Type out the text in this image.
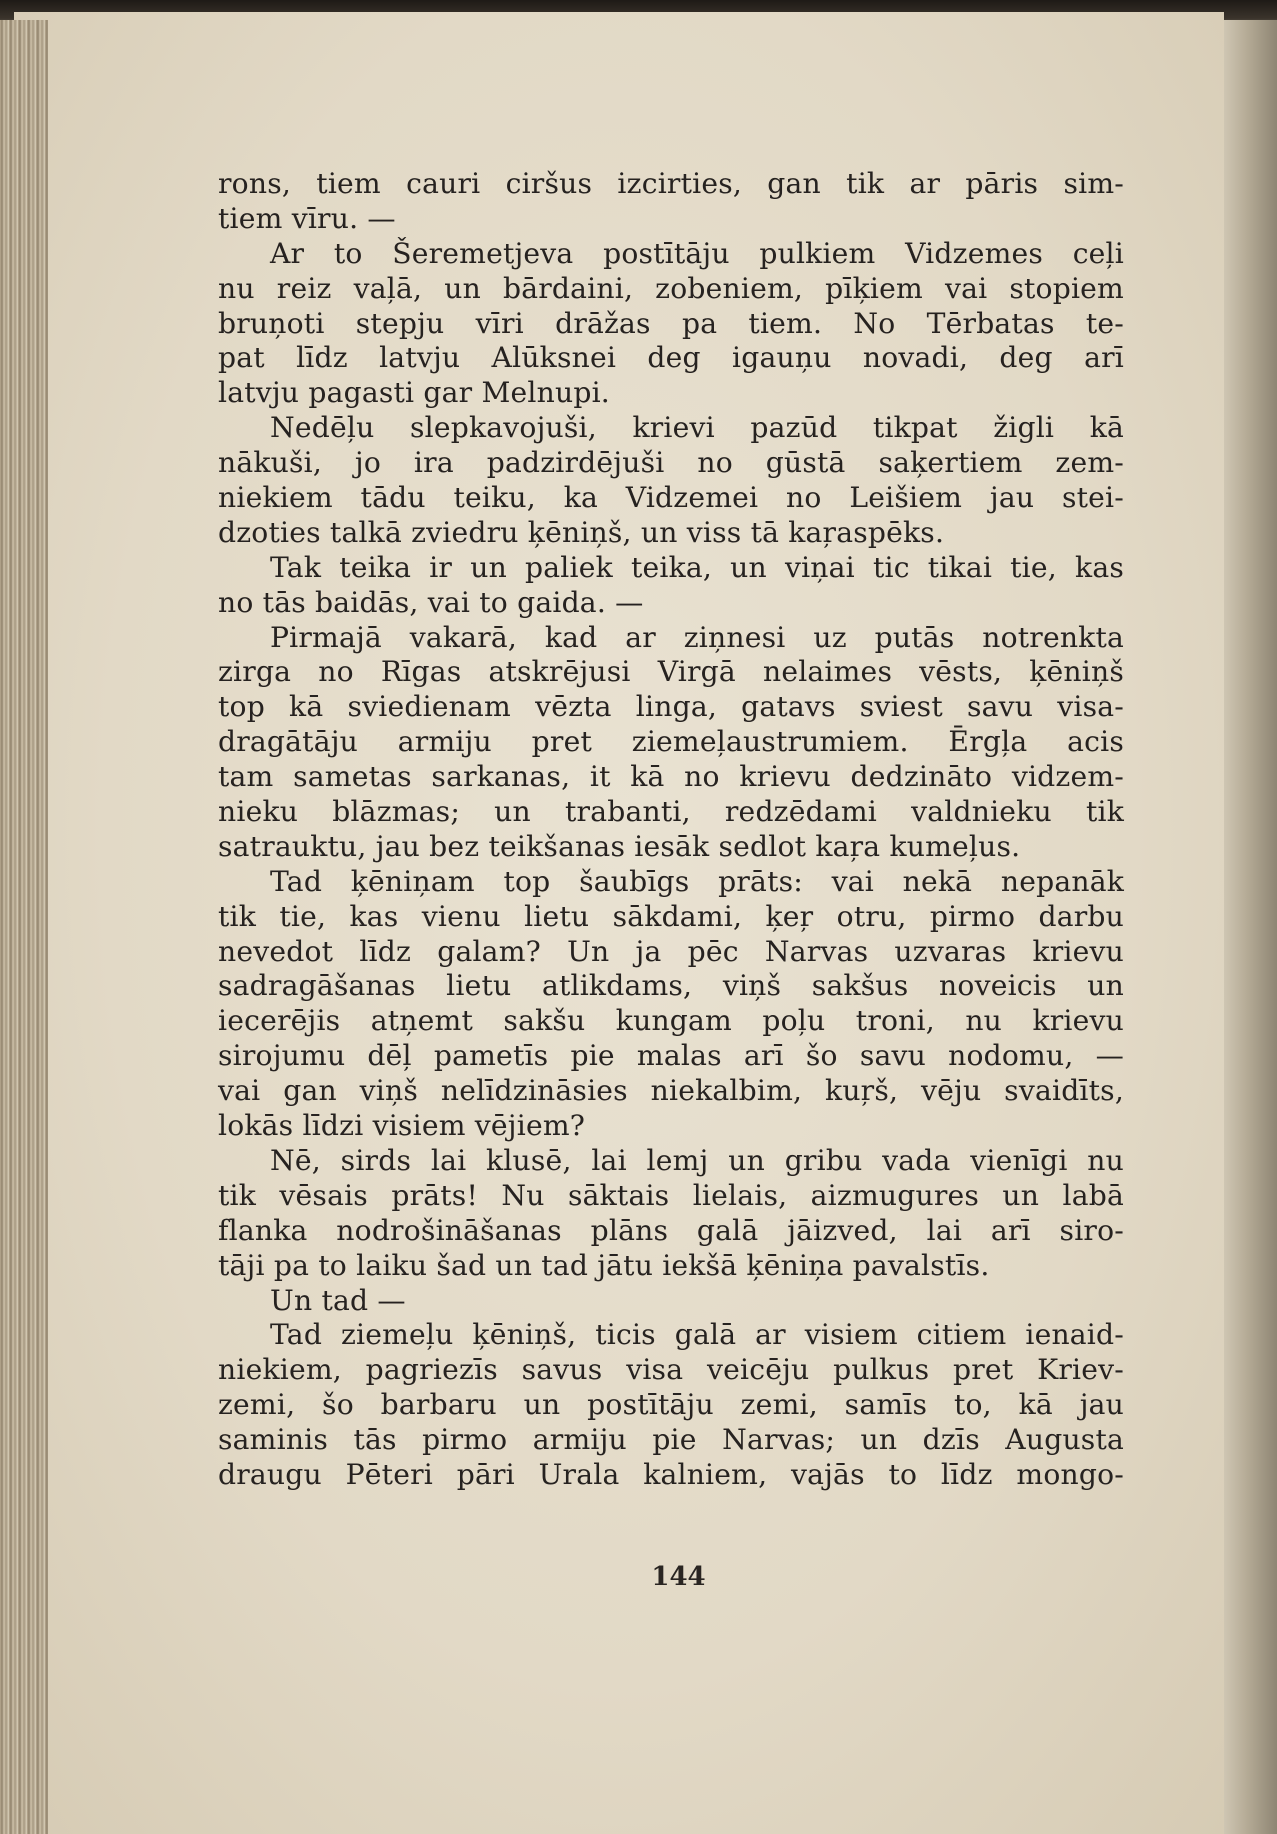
rons, tiem cauri ciršus izcirties, gan tik ar pāris sim-
tiem vīru. —
Ar to Šeremetjeva postītāju pulkiem Vidzemes ceļi
nu reiz vaļā, un bārdaini, zobeniem, pīķiem vai stopiem
bruņoti stepju vīri drāžas pa tiem. No Tērbatas te-
pat līdz latvju Alūksnei deg igauņu novadi, deg arī
latvju pagasti gar Melnupi.
Nedēļu slepkavojuši, krievi pazūd tikpat žigli kā
nākuši, jo ira padzirdējuši no gūstā saķertiem zem-
niekiem tādu teiku, ka Vidzemei no Leišiem jau stei-
dzoties talkā zviedru ķēniņš, un viss tā kaŗaspēks.
Tak teika ir un paliek teika, un viņai tic tikai tie, kas
no tās baidās, vai to gaida. —
Pirmajā vakarā, kad ar ziņnesi uz putās notrenkta
zirga no Rīgas atskrējusi Virgā nelaimes vēsts, ķēniņš
top kā sviedienam vēzta linga, gatavs sviest savu visa-
dragātāju armiju pret ziemeļaustrumiem. Ērgļa acis
tam sametas sarkanas, it kā no krievu dedzināto vidzem-
nieku blāzmas; un trabanti, redzēdami valdnieku tik
satrauktu, jau bez teikšanas iesāk sedlot kaŗa kumeļus.
Tad ķēniņam top šaubīgs prāts: vai nekā nepanāk
tik tie, kas vienu lietu sākdami, ķeŗ otru, pirmo darbu
nevedot līdz galam? Un ja pēc Narvas uzvaras krievu
sadragāšanas lietu atlikdams, viņš sakšus noveicis un
iecerējis atņemt sakšu kungam poļu troni, nu krievu
sirojumu dēļ pametīs pie malas arī šo savu nodomu, —
vai gan viņš nelīdzināsies niekalbim, kuŗš, vēju svaidīts,
lokās līdzi visiem vējiem?
Nē, sirds lai klusē, lai lemj un gribu vada vienīgi nu
tik vēsais prāts! Nu sāktais lielais, aizmugures un labā
flanka nodrošināšanas plāns galā jāizved, lai arī siro-
tāji pa to laiku šad un tad jātu iekšā ķēniņa pavalstīs.
Un tad —
Tad ziemeļu ķēniņš, ticis galā ar visiem citiem ienaid-
niekiem, pagriezīs savus visa veicēju pulkus pret Kriev-
zemi, šo barbaru un postītāju zemi, samīs to, kā jau
saminis tās pirmo armiju pie Narvas; un dzīs Augusta
draugu Pēteri pāri Urala kalniem, vajās to līdz mongo-
144
